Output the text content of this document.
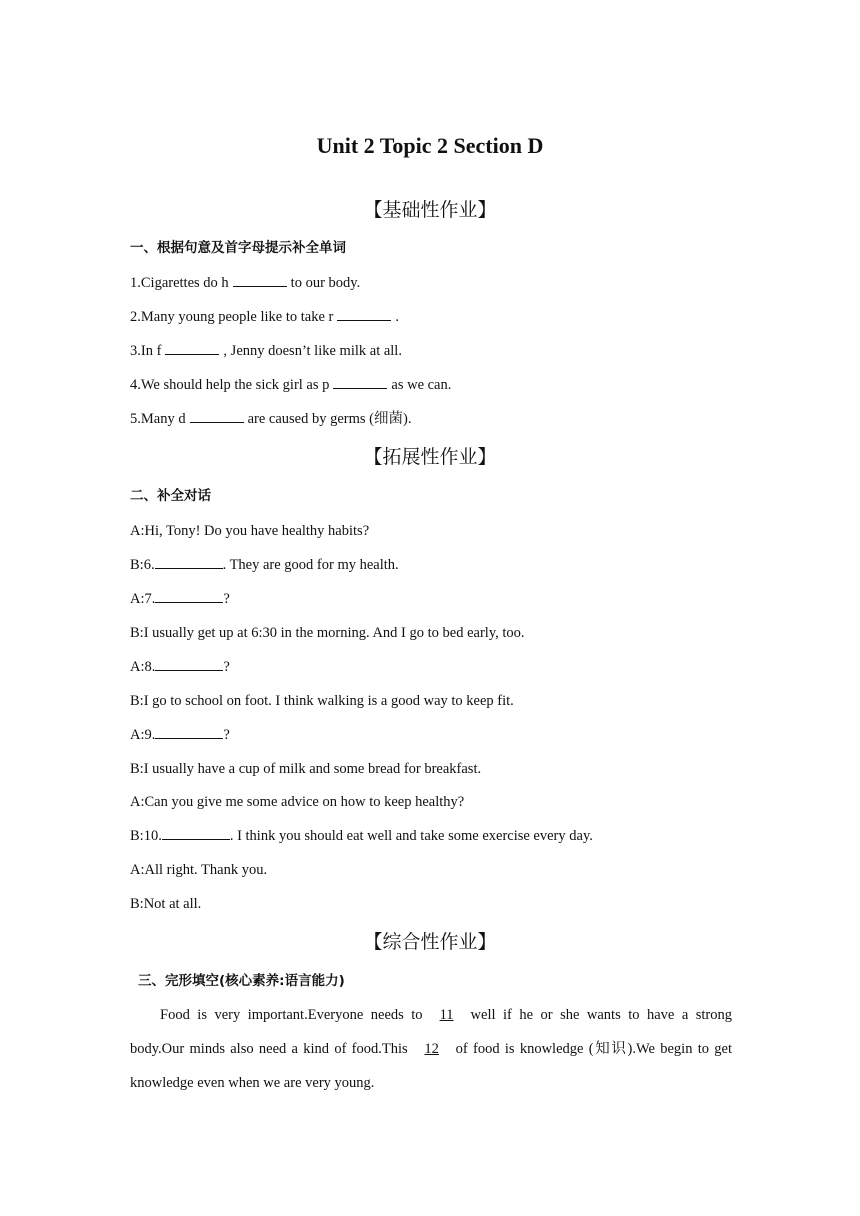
Unit 2 Topic 2 Section D
【基础性作业】
一、根据句意及首字母提示补全单词
1.Cigarettes do h	to our body.
2.Many young people like to take r	.
3.In f	, Jenny doesn’t like milk at all.
4.We should help the sick girl as p	as we can.
5.Many d	are caused by germs (细菌).
【拓展性作业】
二、补全对话
A:Hi, Tony! Do you have healthy habits?
B:6.	. They are good for my health.
A:7.	?
B:I usually get up at 6:30 in the morning. And I go to bed early, too.
A:8.	?
B:I go to school on foot. I think walking is a good way to keep fit.
A:9.	?
B:I usually have a cup of milk and some bread for breakfast.
A:Can you give me some advice on how to keep healthy?
B:10.	. I think you should eat well and take some exercise every day.
A:All right. Thank you.
B:Not at all.
【综合性作业】
三、完形填空(核心素养:语言能力)
Food is very important.Everyone needs to 11 well if he or she wants to have a strong body.Our minds also need a kind of food.This 12 of food is knowledge (知识).We begin to get knowledge even when we are very young.
